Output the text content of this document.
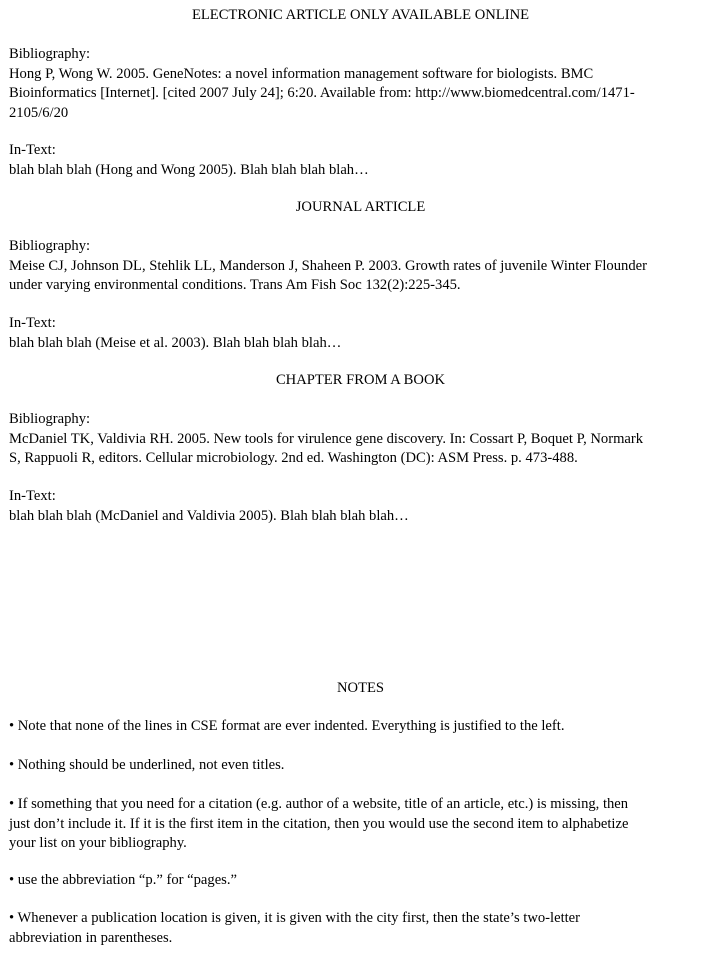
ELECTRONIC ARTICLE ONLY AVAILABLE ONLINE
Bibliography:
Hong P, Wong W. 2005. GeneNotes: a novel information management software for biologists. BMC
Bioinformatics [Internet]. [cited 2007 July 24]; 6:20. Available from: http://www.biomedcentral.com/1471-
2105/6/20
In-Text:
blah blah blah (Hong and Wong 2005). Blah blah blah blah…
JOURNAL ARTICLE
Bibliography:
Meise CJ, Johnson DL, Stehlik LL, Manderson J, Shaheen P. 2003. Growth rates of juvenile Winter Flounder
under varying environmental conditions. Trans Am Fish Soc 132(2):225-345.
In-Text:
blah blah blah (Meise et al. 2003). Blah blah blah blah…
CHAPTER FROM A BOOK
Bibliography:
McDaniel TK, Valdivia RH. 2005. New tools for virulence gene discovery. In: Cossart P, Boquet P, Normark
S, Rappuoli R, editors. Cellular microbiology. 2nd ed. Washington (DC): ASM Press. p. 473-488.
In-Text:
blah blah blah (McDaniel and Valdivia 2005). Blah blah blah blah…
NOTES
• Note that none of the lines in CSE format are ever indented. Everything is justified to the left.
• Nothing should be underlined, not even titles.
• If something that you need for a citation (e.g. author of a website, title of an article, etc.) is missing, then
just don’t include it. If it is the first item in the citation, then you would use the second item to alphabetize
your list on your bibliography.
• use the abbreviation “p.” for “pages.”
• Whenever a publication location is given, it is given with the city first, then the state’s two-letter
abbreviation in parentheses.
